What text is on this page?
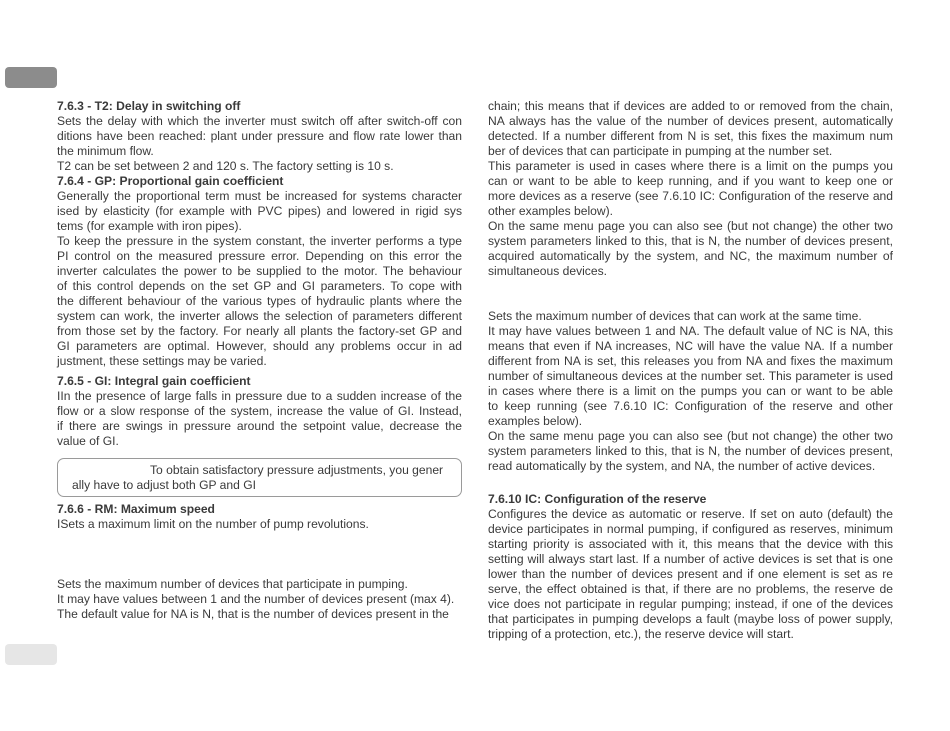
7.6.3 - T2: Delay in switching off
Sets the delay with which the inverter must switch off after switch-off con
ditions have been reached: plant under pressure and flow rate lower than
the minimum flow.
T2 can be set between 2 and 120 s. The factory setting is 10 s.
7.6.4 - GP: Proportional gain coefficient
Generally the proportional term must be increased for systems character
ised by elasticity (for example with PVC pipes) and lowered in rigid sys
tems (for example with iron pipes).
To keep the pressure in the system constant, the inverter performs a type
PI control on the measured pressure error. Depending on this error the
inverter calculates the power to be supplied to the motor. The behaviour
of this control depends on the set GP and GI parameters. To cope with
the different behaviour of the various types of hydraulic plants where the
system can work, the inverter allows the selection of parameters different
from those set by the factory. For nearly all plants the factory-set GP and
GI parameters are optimal. However, should any problems occur in ad
justment, these settings may be varied.
7.6.5 - GI: Integral gain coefficient
IIn the presence of large falls in pressure due to a sudden increase of the
flow or a slow response of the system, increase the value of GI. Instead,
if there are swings in pressure around the setpoint value, decrease the
value of GI.
To obtain satisfactory pressure adjustments, you gener
ally have to adjust both GP and GI
7.6.6 - RM: Maximum speed
ISets a maximum limit on the number of pump revolutions.
Sets the maximum number of devices that participate in pumping.
It may have values between 1 and the number of devices present (max 4).
The default value for NA is N, that is the number of devices present in the
chain; this means that if devices are added to or removed from the chain,
NA always has the value of the number of devices present, automatically
detected. If a number different from N is set, this fixes the maximum num
ber of devices that can participate in pumping at the number set.
This parameter is used in cases where there is a limit on the pumps you
can or want to be able to keep running, and if you want to keep one or
more devices as a reserve (see 7.6.10 IC: Configuration of the reserve and
other examples below).
On the same menu page you can also see (but not change) the other two
system parameters linked to this, that is N, the number of devices present,
acquired automatically by the system, and NC, the maximum number of
simultaneous devices.
Sets the maximum number of devices that can work at the same time.
It may have values between 1 and NA. The default value of NC is NA, this
means that even if NA increases, NC will have the value NA. If a number
different from NA is set, this releases you from NA and fixes the maximum
number of simultaneous devices at the number set. This parameter is used
in cases where there is a limit on the pumps you can or want to be able
to keep running (see 7.6.10 IC: Configuration of the reserve and other
examples below).
On the same menu page you can also see (but not change) the other two
system parameters linked to this, that is N, the number of devices present,
read automatically by the system, and NA, the number of active devices.
7.6.10 IC: Configuration of the reserve
Configures the device as automatic or reserve. If set on auto (default) the
device participates in normal pumping, if configured as reserves, minimum
starting priority is associated with it, this means that the device with this
setting will always start last. If a number of active devices is set that is one
lower than the number of devices present and if one element is set as re
serve, the effect obtained is that, if there are no problems, the reserve de
vice does not participate in regular pumping; instead, if one of the devices
that participates in pumping develops a fault (maybe loss of power supply,
tripping of a protection, etc.), the reserve device will start.
